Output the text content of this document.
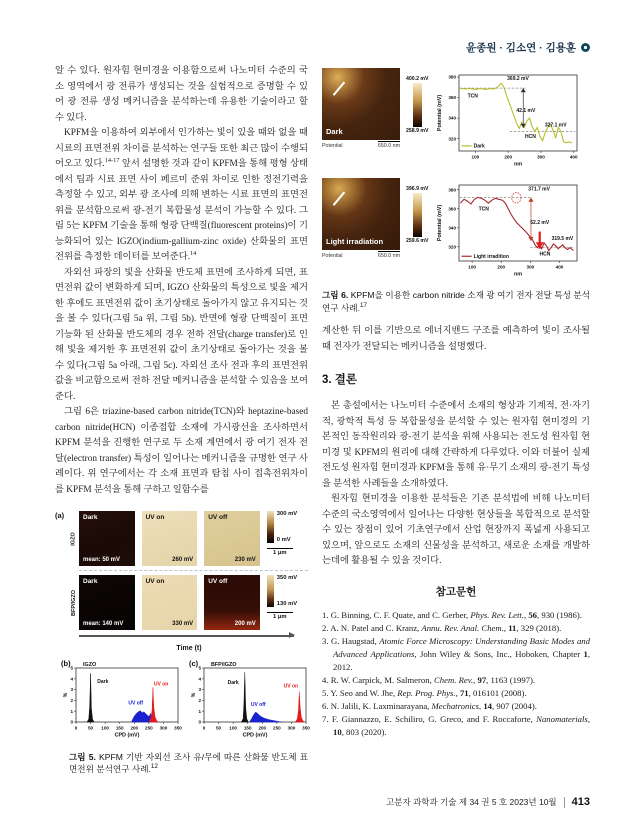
윤종원 · 김소연 · 김용훈

알 수 있다. 원자힘 현미경을 이용함으로써 나노미터 수준의 국소 영역에서 광 전류가 생성되는 것을 실험적으로 증명할 수 있어 광 전류 생성 메커니즘을 분석하는데 유용한 기술이라고 할 수 있다.

KPFM을 이용하여 외부에서 인가하는 빛이 있을 때와 없을 때 시료의 표면전위 차이를 분석하는 연구들 또한 최근 많이 수행되어오고 있다.$^{14-17}$ 앞서 설명한 것과 같이 KPFM을 통해 평형 상태에서 팁과 시료 표면 사이 페르미 준위 차이로 인한 정전기력을 측정할 수 있고, 외부 광 조사에 의해 변하는 시료 표면의 표면전위를 분석함으로써 광-전기 복합물성 분석이 가능할 수 있다. 그림 5는 KPFM 기술을 통해 형광 단백질(fluorescent proteins)이 기능화되어 있는 IGZO(indium-gallium-zinc oxide) 산화물의 표면 전위를 측정한 데이터를 보여준다.$^{14}$

자외선 파장의 빛을 산화물 반도체 표면에 조사하게 되면, 표면전위 값이 변화하게 되며, IGZO 산화물의 특성으로 빛을 제거한 후에도 표면전위 값이 초기상태로 돌아가지 않고 유지되는 것을 볼 수 있다(그림 5a 위, 그림 5b). 반면에 형광 단백질이 표면 기능화 된 산화물 반도체의 경우 전하 전달(charge transfer)로 인해 빛을 제거한 후 표면전위 값이 초기상태로 돌아가는 것을 볼 수 있다(그림 5a 아래, 그림 5c). 자외선 조사 전과 후의 표면전위 값을 비교함으로써 전하 전달 메커니즘을 분석할 수 있음을 보여준다.

그림 6은 triazine-based carbon nitride(TCN)와 heptazine-based carbon nitride(HCN) 이종접합 소재에 가시광선을 조사하면서 KPFM 분석을 진행한 연구로 두 소재 계면에서 광 여기 전자 전달(electron transfer) 특성이 일어나는 메커니즘을 규명한 연구 사례이다. 위 연구에서는 각 소재 표면과 탐침 사이 접촉전위차이를 KPFM 분석을 통해 구하고 일함수를

(a)
IGZO
Dark
mean: 50 mV
UV on
260 mV
UV off
230 mV
300 mV
0 mV
1 μm
BFP/IGZO
Dark
mean: 140 mV
UV on
330 mV
UV off
200 mV
350 mV
130 mV
1 μm
Time (t)
(b)
0 50 100 150 200 250 300 350
0
1
2
3
4
5
CPD (mV)
%
IGZO
Dark
UV off
UV on
(c)
0 50 100 150 200 250 300 350
0
1
2
3
4
5
CPD (mV)
%
BFP/IGZO
Dark
UV off
UV on

그림 5. KPFM 기반 자외선 조사 유/무에 따른 산화물 반도체 표면전위 분석연구 사례.$^{12}$

Dark
Potential	650.0 nm
400.2 mV
258.9 mV
100	200	300	400
320
340
360
380
nm
Potential (mV)
369.2 mV
TCN
42.1 mV
327.1 mV
HCN
Dark
Light irradiation
Potential	650.0 nm
396.9 mV
259.6 mV
100	200	300	400
320
340
360
380
nm
Potential (mV)
371.7 mV
TCN
52.2 mV
319.5 mV
HCN
Light irradition

그림 6. KPFM을 이용한 carbon nitride 소재 광 여기 전자 전달 특성 분석연구 사례.$^{17}$

계산한 뒤 이를 기반으로 에너지밴드 구조를 예측하여 빛이 조사될 때 전자가 전달되는 메커니즘을 설명했다.

3. 결론

본 총설에서는 나노미터 수준에서 소재의 형상과 기계적, 전·자기적, 광학적 특성 등 복합물성을 분석할 수 있는 원자힘 현미경의 기본적인 동작원리와 광-전기 분석을 위해 사용되는 전도성 원자힘 현미경 및 KPFM의 원리에 대해 간략하게 다루었다. 이와 더불어 실제 전도성 원자힘 현미경과 KPFM을 통해 유·무기 소재의 광-전기 특성을 분석한 사례들을 소개하였다.

원자힘 현미경을 이용한 분석들은 기존 분석법에 비해 나노미터 수준의 국소영역에서 일어나는 다양한 현상들을 복합적으로 분석할 수 있는 장점이 있어 기초연구에서 산업 현장까지 폭넓게 사용되고 있으며, 앞으로도 소재의 신물성을 분석하고, 새로운 소재를 개발하는데에 활용될 수 있을 것이다.

참고문헌
1. G. Binning, C. F. Quate, and C. Gerber, Phys. Rev. Lett., 56, 930 (1986).
2. A. N. Patel and C. Kranz, Annu. Rev. Anal. Chem., 11, 329 (2018).
3. G. Haugstad, Atomic Force Microscopy: Understanding Basic Modes and Advanced Applications, John Wiley & Sons, Inc., Hoboken, Chapter 1, 2012.
4. R. W. Carpick, M. Salmeron, Chem. Rev., 97, 1163 (1997).
5. Y. Seo and W. Jhe, Rep. Prog. Phys., 71, 016101 (2008).
6. N. Jalili, K. Laxminarayana, Mechatronics, 14, 907 (2004).
7. F. Giannazzo, E. Schiliro, G. Greco, and F. Roccaforte, Nanomaterials, 10, 803 (2020).
고분자 과학과 기술 제 34 권 5 호 2023년 10월 413
